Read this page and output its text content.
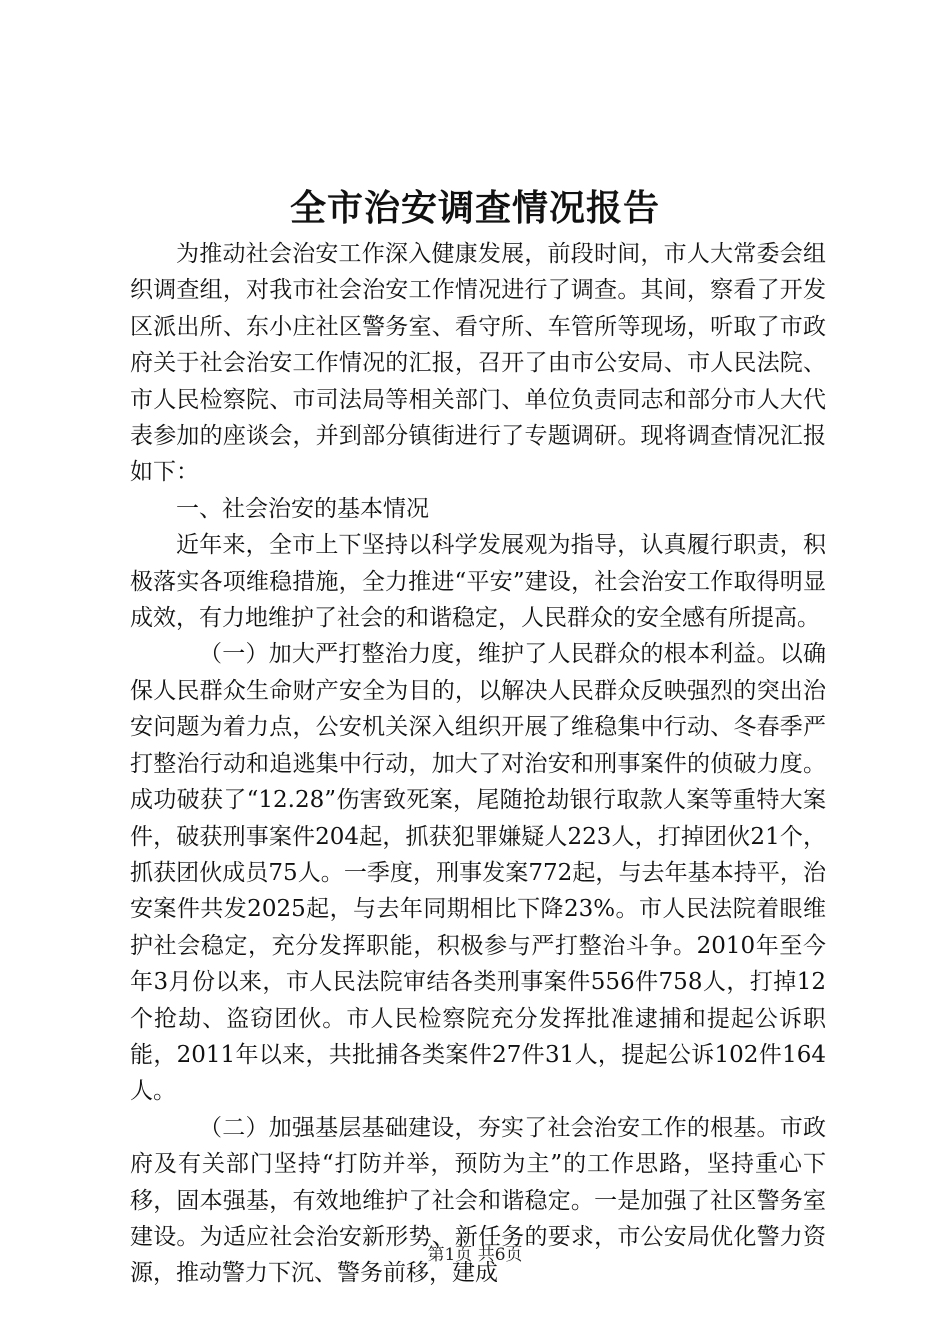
全市治安调查情况报告

为推动社会治安工作深入健康发展，前段时间，市人大常委会组织调查组，对我市社会治安工作情况进行了调查。其间，察看了开发区派出所、东小庄社区警务室、看守所、车管所等现场，听取了市政府关于社会治安工作情况的汇报，召开了由市公安局、市人民法院、市人民检察院、市司法局等相关部门、单位负责同志和部分市人大代表参加的座谈会，并到部分镇街进行了专题调研。现将调查情况汇报如下：

一、社会治安的基本情况

近年来，全市上下坚持以科学发展观为指导，认真履行职责，积极落实各项维稳措施，全力推进“平安”建设，社会治安工作取得明显成效，有力地维护了社会的和谐稳定，人民群众的安全感有所提高。

（一）加大严打整治力度，维护了人民群众的根本利益。以确保人民群众生命财产安全为目的，以解决人民群众反映强烈的突出治安问题为着力点，公安机关深入组织开展了维稳集中行动、冬春季严打整治行动和追逃集中行动，加大了对治安和刑事案件的侦破力度。成功破获了“12.28”伤害致死案，尾随抢劫银行取款人案等重特大案件，破获刑事案件204起，抓获犯罪嫌疑人223人，打掉团伙21个，抓获团伙成员75人。一季度，刑事发案772起，与去年基本持平，治安案件共发2025起，与去年同期相比下降23%。市人民法院着眼维护社会稳定，充分发挥职能，积极参与严打整治斗争。2010年至今年3月份以来，市人民法院审结各类刑事案件556件758人，打掉12个抢劫、盗窃团伙。市人民检察院充分发挥批准逮捕和提起公诉职能，2011年以来，共批捕各类案件27件31人，提起公诉102件164人。

（二）加强基层基础建设，夯实了社会治安工作的根基。市政府及有关部门坚持“打防并举，预防为主”的工作思路，坚持重心下移，固本强基，有效地维护了社会和谐稳定。一是加强了社区警务室建设。为适应社会治安新形势、新任务的要求，市公安局优化警力资源，推动警力下沉、警务前移，建成

第1页 共6页
